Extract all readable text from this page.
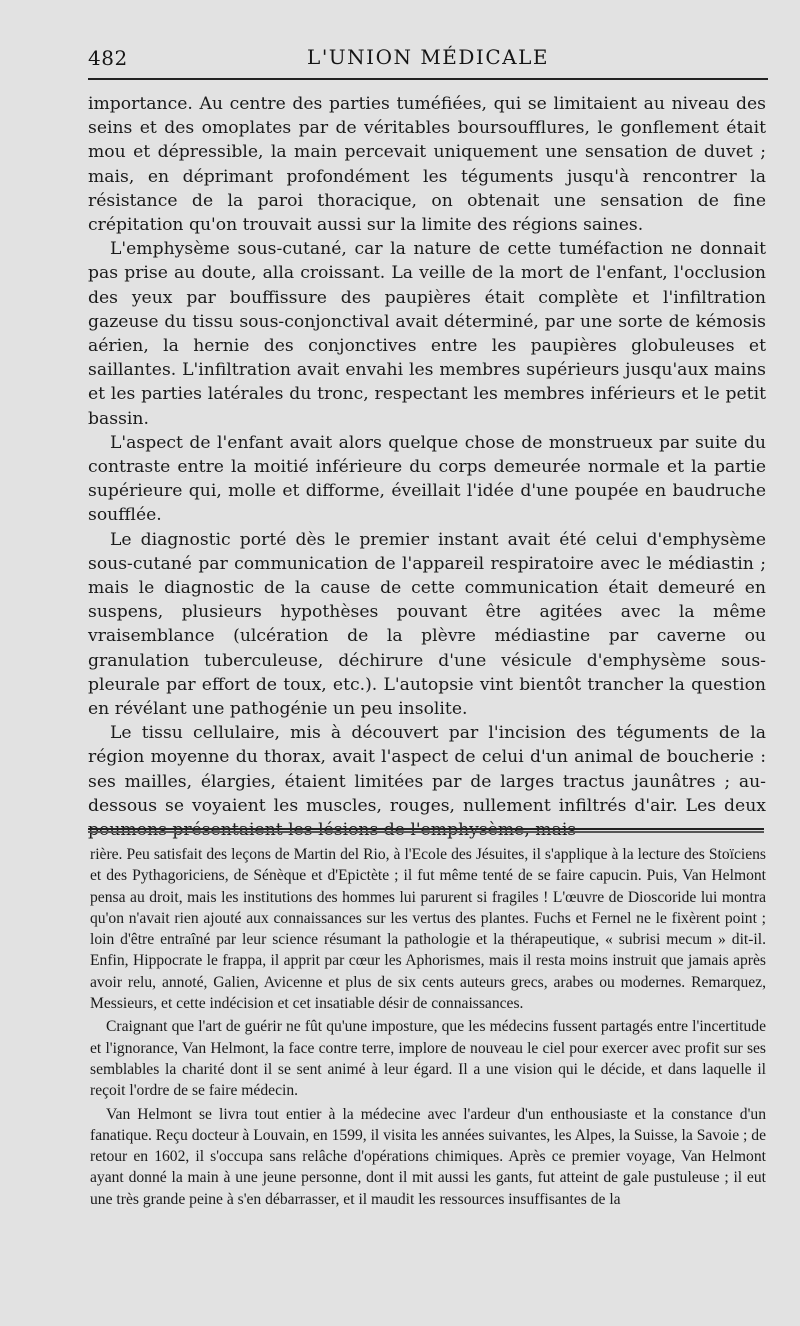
482	L'UNION MÉDICALE

importance. Au centre des parties tuméfiées, qui se limitaient au niveau des seins et des omoplates par de véritables boursoufflures, le gonflement était mou et dépressible, la main percevait uniquement une sensation de duvet ; mais, en déprimant profondément les téguments jusqu'à rencontrer la résistance de la paroi thoracique, on obtenait une sensation de fine crépitation qu'on trouvait aussi sur la limite des régions saines.

L'emphysème sous-cutané, car la nature de cette tuméfaction ne donnait pas prise au doute, alla croissant. La veille de la mort de l'enfant, l'occlusion des yeux par bouffissure des paupières était complète et l'infiltration gazeuse du tissu sous-conjonctival avait déterminé, par une sorte de kémosis aérien, la hernie des conjonctives entre les paupières globuleuses et saillantes. L'infiltration avait envahi les membres supérieurs jusqu'aux mains et les parties latérales du tronc, respectant les membres inférieurs et le petit bassin.

L'aspect de l'enfant avait alors quelque chose de monstrueux par suite du contraste entre la moitié inférieure du corps demeurée normale et la partie supérieure qui, molle et difforme, éveillait l'idée d'une poupée en baudruche soufflée.

Le diagnostic porté dès le premier instant avait été celui d'emphysème sous-cutané par communication de l'appareil respiratoire avec le médiastin ; mais le diagnostic de la cause de cette communication était demeuré en suspens, plusieurs hypothèses pouvant être agitées avec la même vraisemblance (ulcération de la plèvre médiastine par caverne ou granulation tuberculeuse, déchirure d'une vésicule d'emphysème sous-pleurale par effort de toux, etc.). L'autopsie vint bientôt trancher la question en révélant une pathogénie un peu insolite.

Le tissu cellulaire, mis à découvert par l'incision des téguments de la région moyenne du thorax, avait l'aspect de celui d'un animal de boucherie : ses mailles, élargies, étaient limitées par de larges tractus jaunâtres ; au-dessous se voyaient les muscles, rouges, nullement infiltrés d'air. Les deux poumons présentaient les lésions de l'emphysème, mais

rière. Peu satisfait des leçons de Martin del Rio, à l'Ecole des Jésuites, il s'applique à la lecture des Stoïciens et des Pythagoriciens, de Sénèque et d'Epictète ; il fut même tenté de se faire capucin. Puis, Van Helmont pensa au droit, mais les institutions des hommes lui parurent si fragiles ! L'œuvre de Dioscoride lui montra qu'on n'avait rien ajouté aux connaissances sur les vertus des plantes. Fuchs et Fernel ne le fixèrent point ; loin d'être entraîné par leur science résumant la pathologie et la thérapeutique, « subrisi mecum » dit-il. Enfin, Hippocrate le frappa, il apprit par cœur les Aphorismes, mais il resta moins instruit que jamais après avoir relu, annoté, Galien, Avicenne et plus de six cents auteurs grecs, arabes ou modernes. Remarquez, Messieurs, et cette indécision et cet insatiable désir de connaissances.

Craignant que l'art de guérir ne fût qu'une imposture, que les médecins fussent partagés entre l'incertitude et l'ignorance, Van Helmont, la face contre terre, implore de nouveau le ciel pour exercer avec profit sur ses semblables la charité dont il se sent animé à leur égard. Il a une vision qui le décide, et dans laquelle il reçoit l'ordre de se faire médecin.

Van Helmont se livra tout entier à la médecine avec l'ardeur d'un enthousiaste et la constance d'un fanatique. Reçu docteur à Louvain, en 1599, il visita les années suivantes, les Alpes, la Suisse, la Savoie ; de retour en 1602, il s'occupa sans relâche d'opérations chimiques. Après ce premier voyage, Van Helmont ayant donné la main à une jeune personne, dont il mit aussi les gants, fut atteint de gale pustuleuse ; il eut une très grande peine à s'en débarrasser, et il maudit les ressources insuffisantes de la
